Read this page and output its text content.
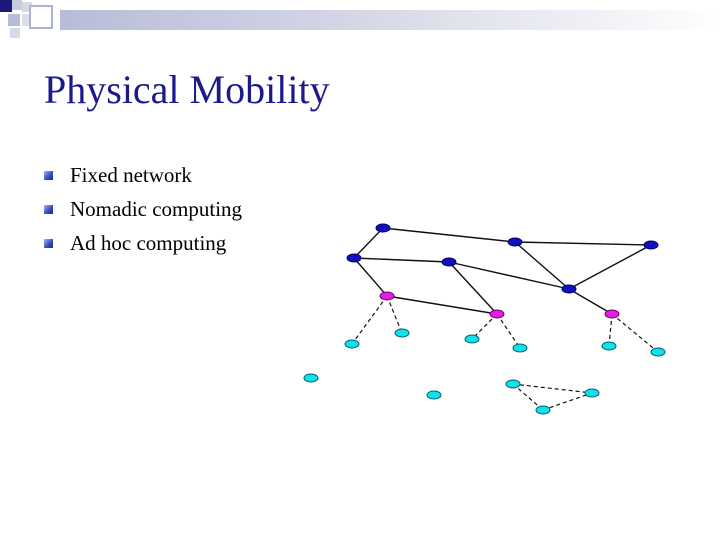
Physical Mobility
Fixed network
Nomadic computing
Ad hoc computing
